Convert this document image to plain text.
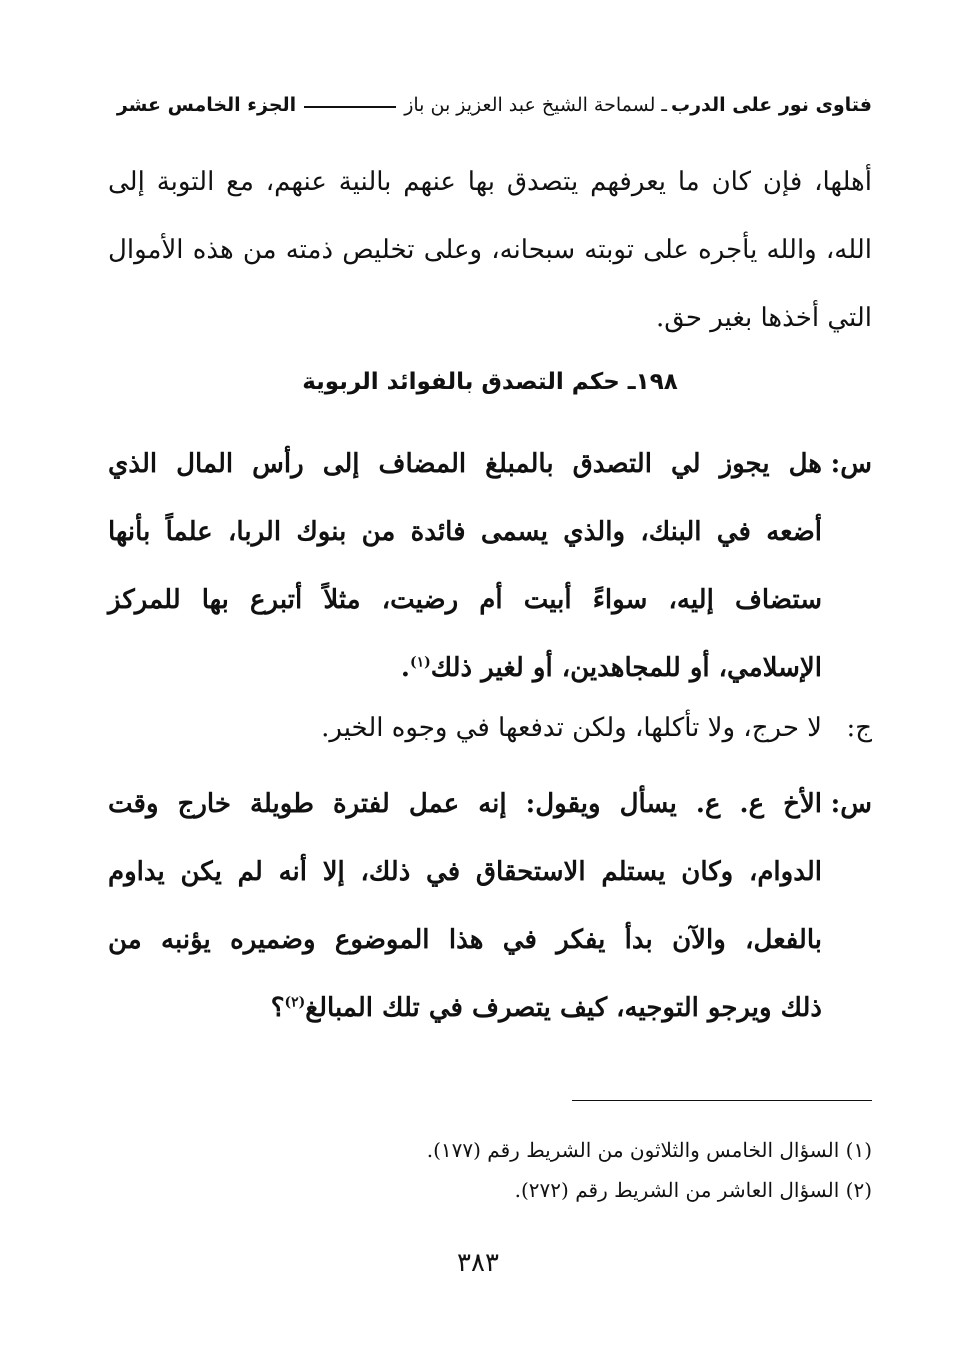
فتاوى نور على الدرب
ـ لسماحة الشيخ عبد العزيز بن باز
الجزء الخامس عشر
أهلها، فإن كان ما يعرفهم يتصدق بها عنهم بالنية عنهم، مع التوبة إلى
الله، والله يأجره على توبته سبحانه، وعلى تخليص ذمته من هذه الأموال
التي أخذها بغير حق.
١٩٨ـ حكم التصدق بالفوائد الربوية
س:
هل يجوز لي التصدق بالمبلغ المضاف إلى رأس المال الذي
أضعه في البنك، والذي يسمى فائدة من بنوك الربا، علماً بأنها
ستضاف إليه، سواءً أبيت أم رضيت، مثلاً أتبرع بها للمركز
الإسلامي، أو للمجاهدين، أو لغير ذلك$^{(١)}$.
ج:
لا حرج، ولا تأكلها، ولكن تدفعها في وجوه الخير.
س:
الأخ ع. ع. يسأل ويقول: إنه عمل لفترة طويلة خارج وقت
الدوام، وكان يستلم الاستحقاق في ذلك، إلا أنه لم يكن يداوم
بالفعل، والآن بدأ يفكر في هذا الموضوع وضميره يؤنبه من
ذلك ويرجو التوجيه، كيف يتصرف في تلك المبالغ$^{(٢)}$؟
(١) السؤال الخامس والثلاثون من الشريط رقم (١٧٧).
(٢) السؤال العاشر من الشريط رقم (٢٧٢).
٣٨٣
